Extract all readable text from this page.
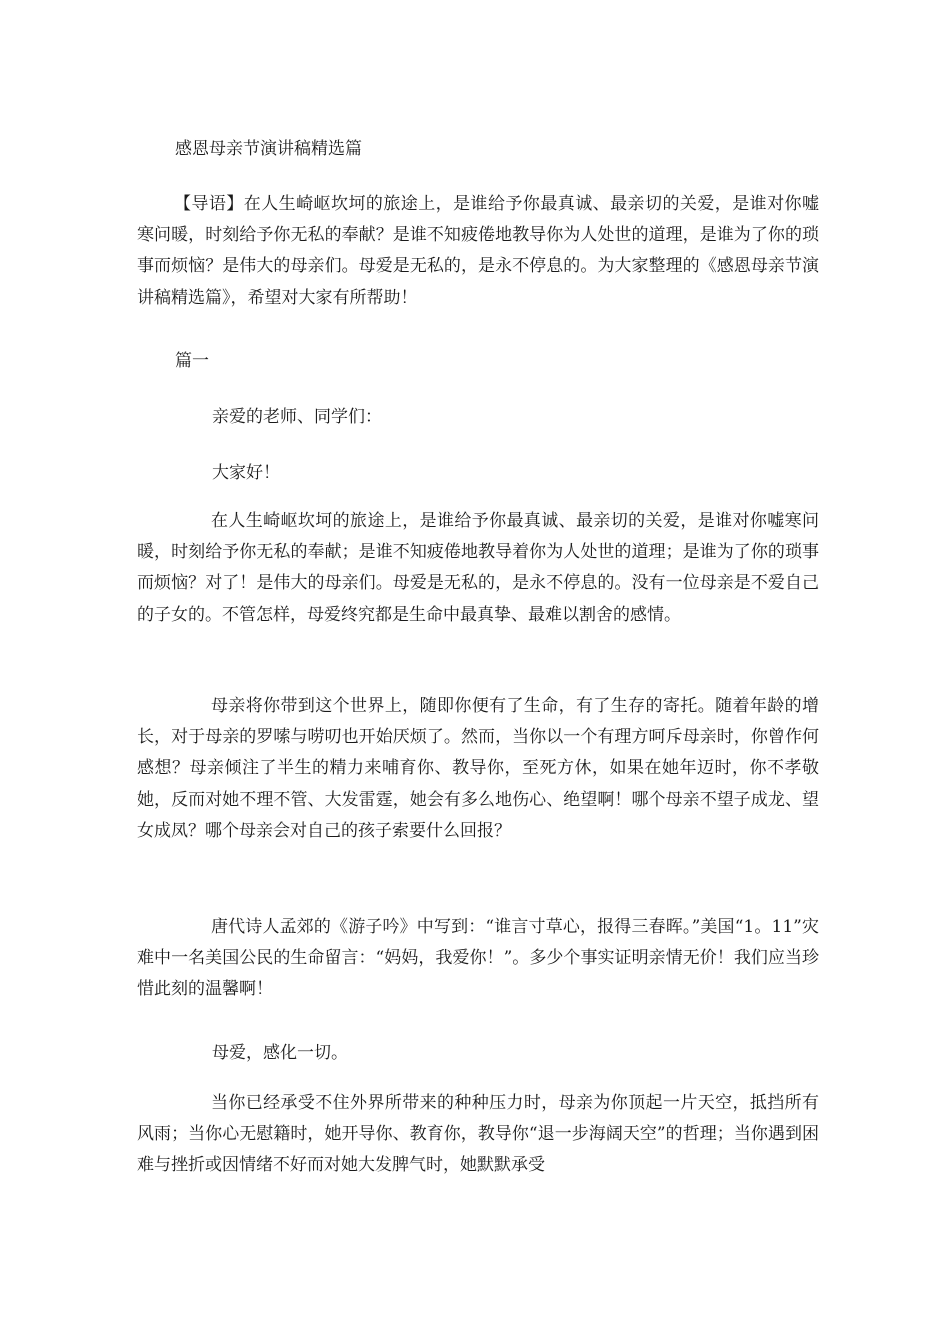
感恩母亲节演讲稿精选篇

【导语】在人生崎岖坎坷的旅途上，是谁给予你最真诚、最亲切的关爱，是谁对你嘘寒问暖，时刻给予你无私的奉献？是谁不知疲倦地教导你为人处世的道理，是谁为了你的琐事而烦恼？是伟大的母亲们。母爱是无私的，是永不停息的。为大家整理的《感恩母亲节演讲稿精选篇》，希望对大家有所帮助！

篇一
亲爱的老师、同学们：
大家好！

在人生崎岖坎坷的旅途上，是谁给予你最真诚、最亲切的关爱，是谁对你嘘寒问暖，时刻给予你无私的奉献；是谁不知疲倦地教导着你为人处世的道理；是谁为了你的琐事而烦恼？对了！是伟大的母亲们。母爱是无私的，是永不停息的。没有一位母亲是不爱自己的子女的。不管怎样，母爱终究都是生命中最真挚、最难以割舍的感情。

母亲将你带到这个世界上，随即你便有了生命，有了生存的寄托。随着年龄的增长，对于母亲的罗嗦与唠叨也开始厌烦了。然而，当你以一个有理方呵斥母亲时，你曾作何感想？母亲倾注了半生的精力来哺育你、教导你，至死方休，如果在她年迈时，你不孝敬她，反而对她不理不管、大发雷霆，她会有多么地伤心、绝望啊！哪个母亲不望子成龙、望女成凤？哪个母亲会对自己的孩子索要什么回报？

唐代诗人孟郊的《游子吟》中写到：“谁言寸草心，报得三春晖。”美国“1。11”灾难中一名美国公民的生命留言：“妈妈，我爱你！”。多少个事实证明亲情无价！我们应当珍惜此刻的温馨啊！

母爱，感化一切。

当你已经承受不住外界所带来的种种压力时，母亲为你顶起一片天空，抵挡所有风雨；当你心无慰籍时，她开导你、教育你，教导你“退一步海阔天空”的哲理；当你遇到困难与挫折或因情绪不好而对她大发脾气时，她默默承受
